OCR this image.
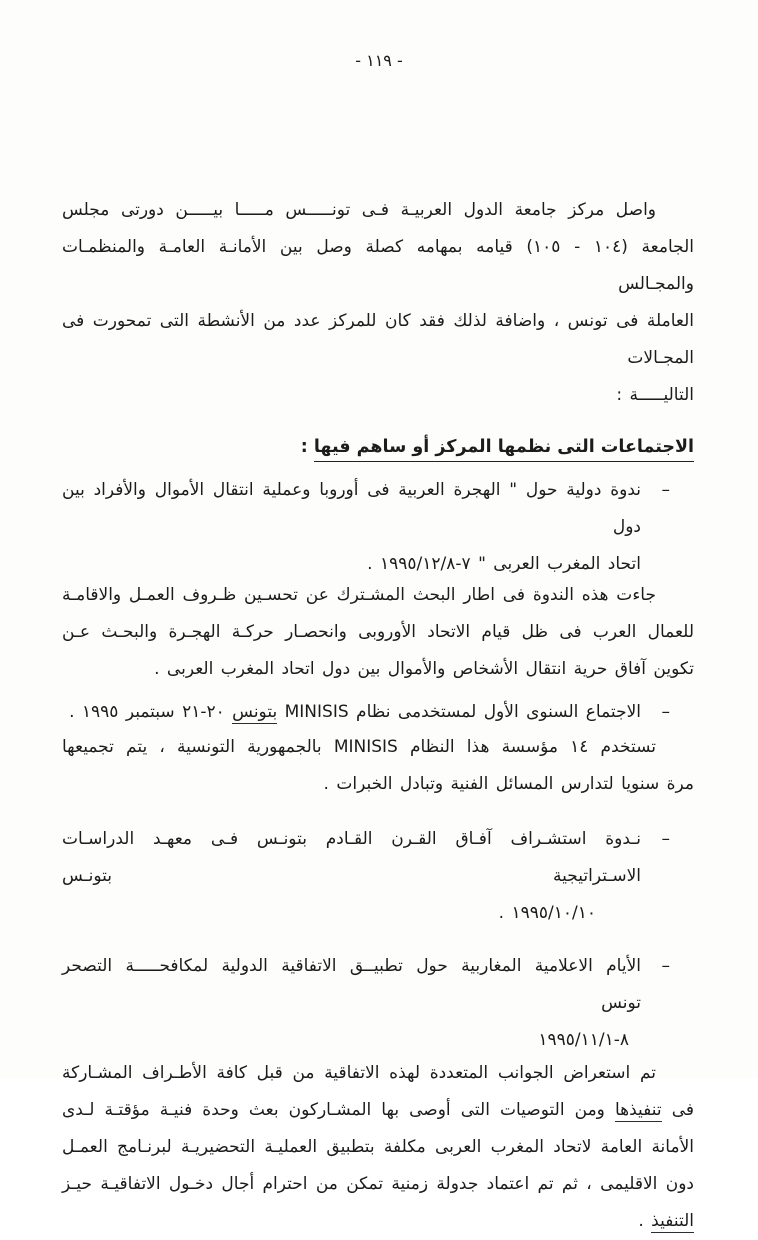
- ١١٩ -
واصل مركز جامعة الدول العربيـة فـى تونـــــس مـــــا بيـــــن دورتى مجلس
الجامعة (١٠٤ - ١٠٥) قيامه بمهامه كصلة وصل بين الأمانـة العامـة والمنظمـات والمجـالس
العاملة فى تونس ، واضافة لذلك فقد كان للمركز عدد من الأنشطة التى تمحورت فى المجـالات
التاليـــــة :
الاجتماعات التى نظمها المركز أو ساهم فيها :
–
ندوة دولية حول " الهجرة العربية فى أوروبا وعملية انتقال الأموال والأفراد بين دول
اتحاد المغرب العربى " ٧-٨‏/‏١٢‏/‏١٩٩٥ .
جاءت هذه الندوة فى اطار البحث المشـترك عن تحسـين ظـروف العمـل والاقامـة
للعمال العرب فى ظل قيام الاتحاد الأوروبى وانحصـار حركـة الهجـرة والبحـث عـن
تكوين آفاق حرية انتقال الأشخاص والأموال بين دول اتحاد المغرب العربى .
–
الاجتماع السنوى الأول لمستخدمى نظام MINISIS بتونس ٢٠-٢١ سبتمبر ١٩٩٥ .
تستخدم ١٤ مؤسسة هذا النظام MINISIS بالجمهورية التونسية ، يتم تجميعها
مرة سنويا لتدارس المسائل الفنية وتبادل الخبرات .
–
نـدوة استشـراف آفـاق القـرن القـادم بتونـس فـى معهـد الدراسـات الاسـتراتيجية بتونـس
١٠‏/‏١٠‏/‏١٩٩٥ .
–
الأيام الاعلامية المغاربية حول تطبيــق الاتفاقية الدولية لمكافحـــــة التصحر تونس
٨-١‏/‏١١‏/‏١٩٩٥
تم استعراض الجوانب المتعددة لهذه الاتفاقية من قبل كافة الأطـراف المشـاركة
فى تنفيذها ومن التوصيات التى أوصى بها المشـاركون بعث وحدة فنيـة مؤقتـة لـدى
الأمانة العامة لاتحاد المغرب العربى مكلفة بتطبيق العمليـة التحضيريـة لبرنـامج العمـل
دون الاقليمى ، ثم تم اعتماد جدولة زمنية تمكن من احترام أجال دخـول الاتفاقيـة حيـز
التنفيذ .
